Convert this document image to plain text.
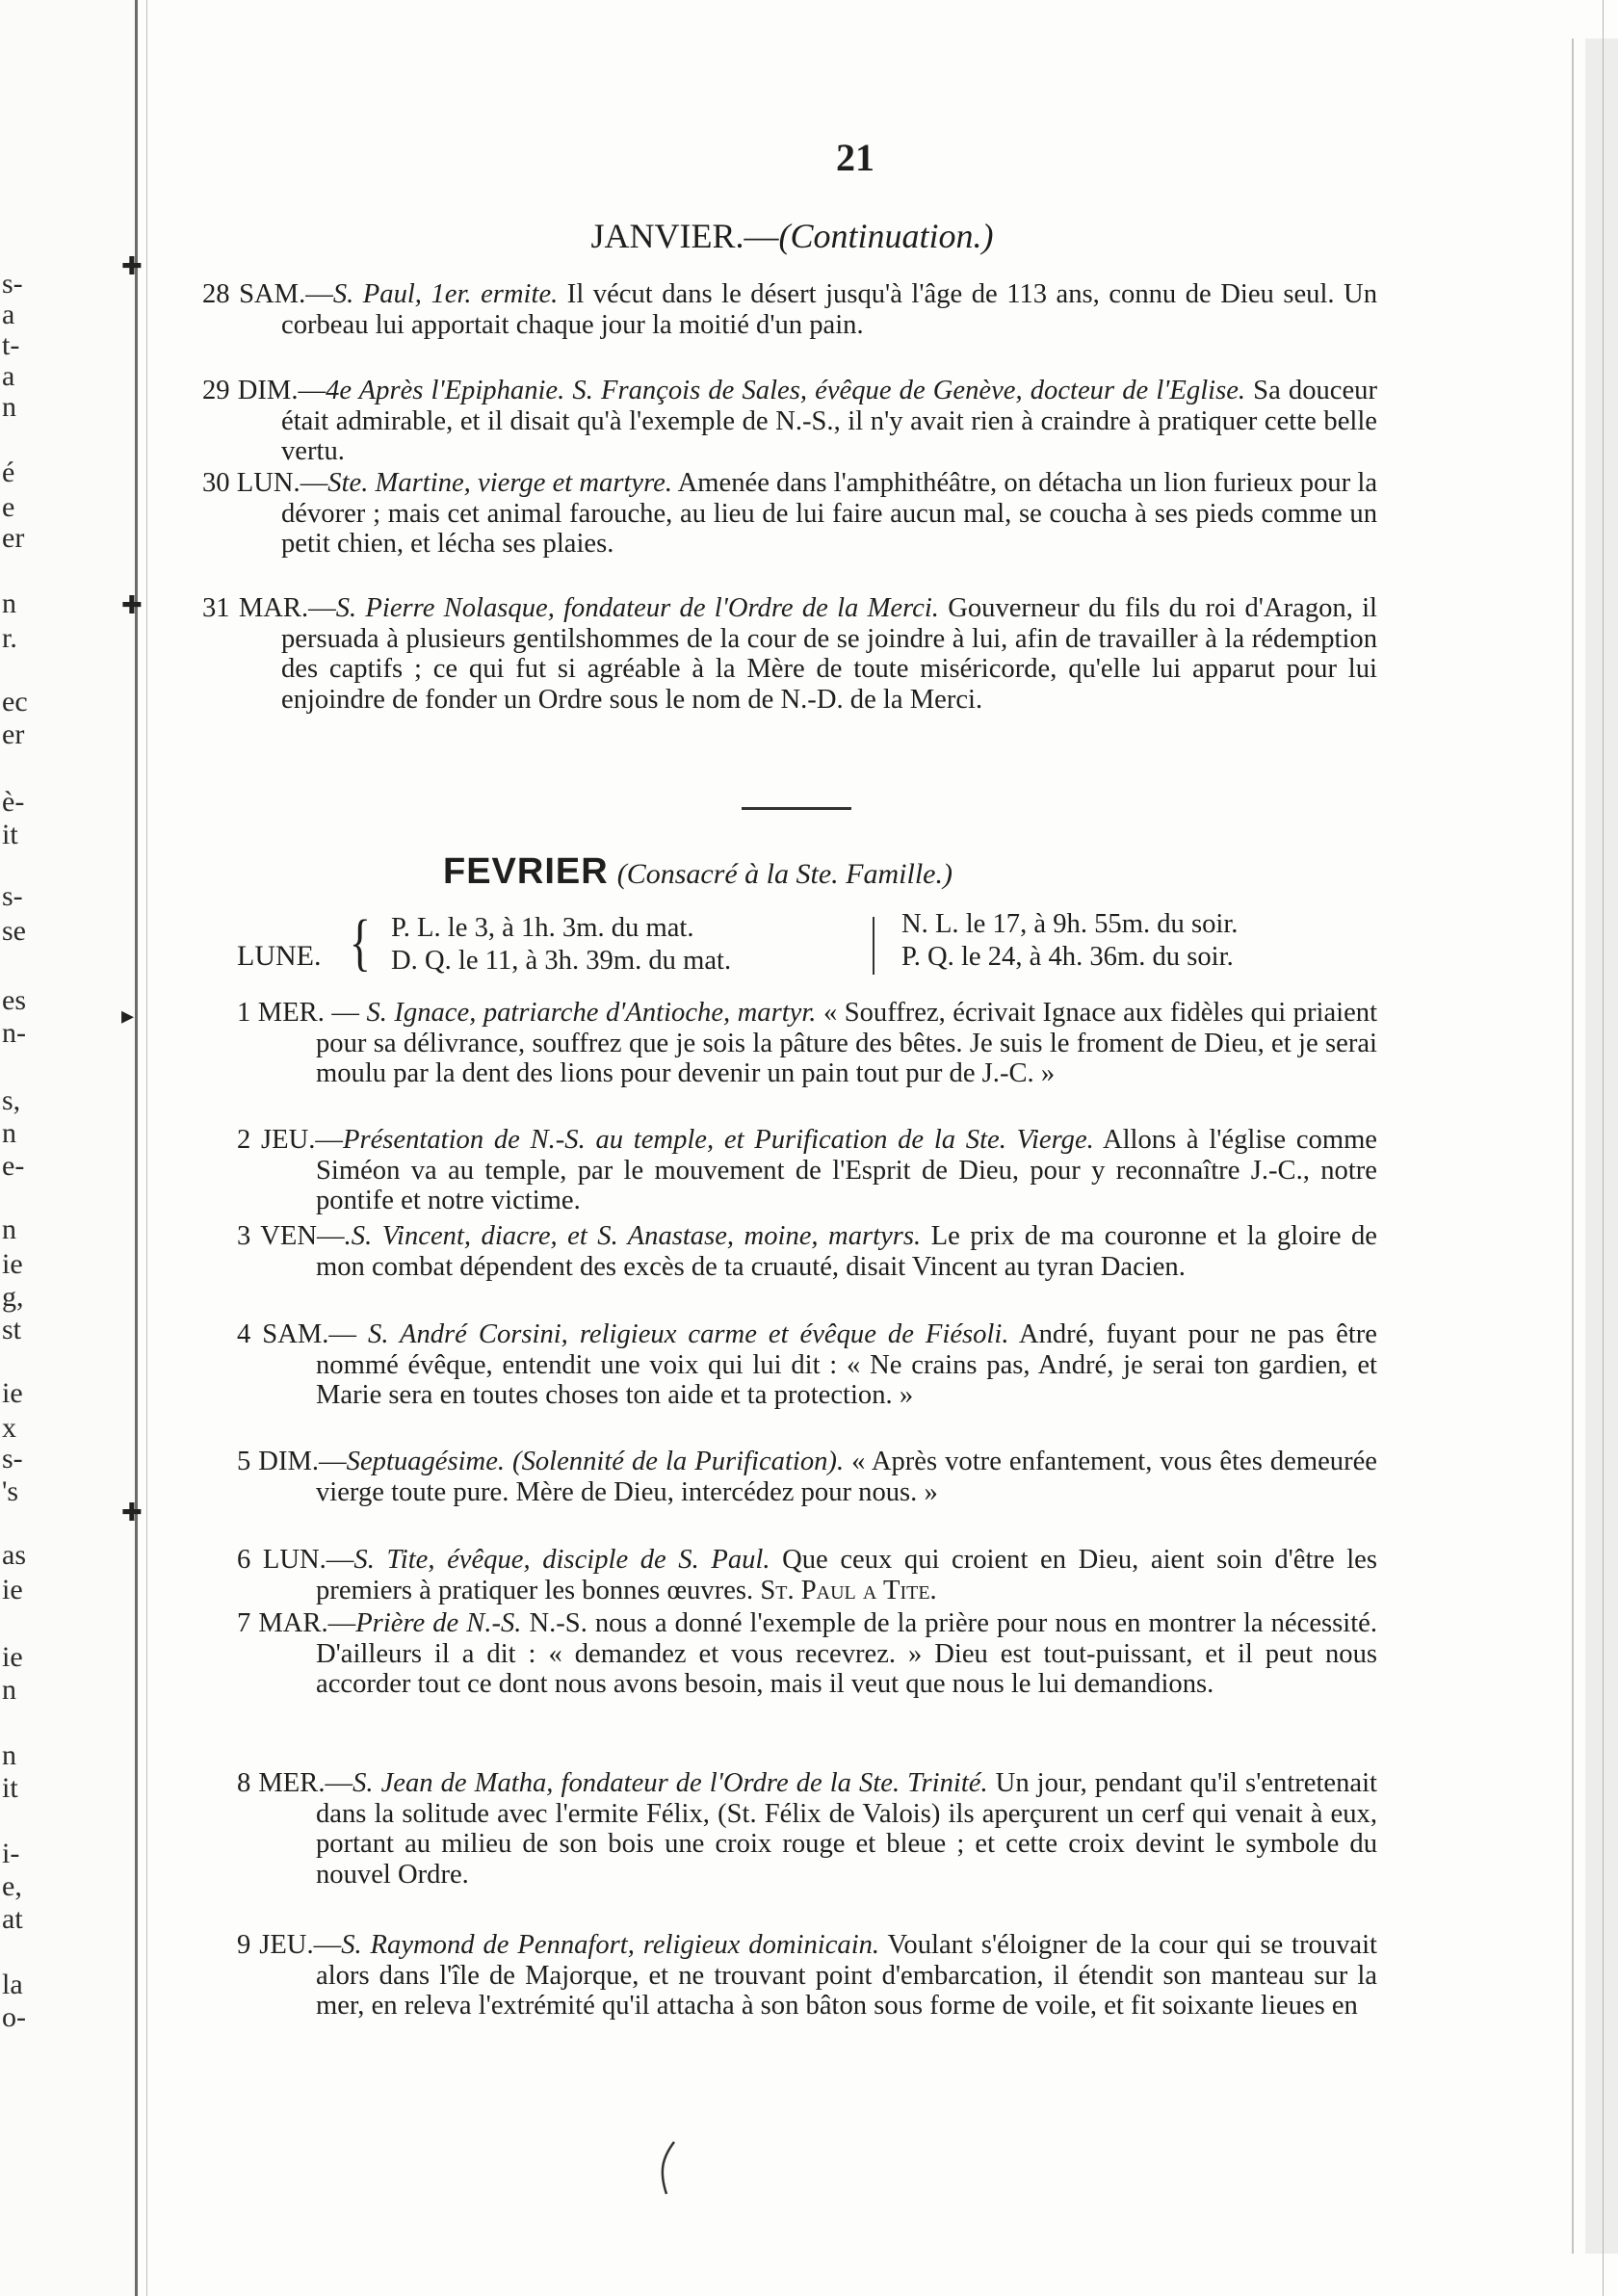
s-
a
t-
a
n
é
e
er
n
r.
ec
er
è-
it
s-
se
es
n-
s,
n
e-
n
ie
g,
st
ie
x
s-
's
as
ie
ie
n
n
it
i-
e,
at
la
o-
✚
✚
▸
✚
21
JANVIER.—(Continuation.)
28 SAM.—S. Paul, 1er. ermite. Il vécut dans le désert jusqu'à l'âge de 113 ans, connu de Dieu seul. Un corbeau lui apportait chaque jour la moitié d'un pain.
29 DIM.—4e Après l'Epiphanie. S. François de Sales, évêque de Genève, docteur de l'Eglise. Sa douceur était admirable, et il disait qu'à l'exemple de N.-S., il n'y avait rien à craindre à pratiquer cette belle vertu.
30 LUN.—Ste. Martine, vierge et martyre. Amenée dans l'amphithéâtre, on détacha un lion furieux pour la dévorer ; mais cet animal farouche, au lieu de lui faire aucun mal, se coucha à ses pieds comme un petit chien, et lécha ses plaies.
31 MAR.—S. Pierre Nolasque, fondateur de l'Ordre de la Merci. Gouverneur du fils du roi d'Aragon, il persuada à plusieurs gentilshommes de la cour de se joindre à lui, afin de travailler à la rédemption des captifs ; ce qui fut si agréable à la Mère de toute miséricorde, qu'elle lui apparut pour lui enjoindre de fonder un Ordre sous le nom de N.-D. de la Merci.
FEVRIER (Consacré à la Ste. Famille.)
LUNE. { P. L. le 3, à 1h. 3m. du mat.
D. Q. le 11, à 3h. 39m. du mat.
N. L. le 17, à 9h. 55m. du soir.
P. Q. le 24, à 4h. 36m. du soir.
1 MER. — S. Ignace, patriarche d'Antioche, martyr. « Souffrez, écrivait Ignace aux fidèles qui priaient pour sa délivrance, souffrez que je sois la pâture des bêtes. Je suis le froment de Dieu, et je serai moulu par la dent des lions pour devenir un pain tout pur de J.-C. »
2 JEU.—Présentation de N.-S. au temple, et Purification de la Ste. Vierge. Allons à l'église comme Siméon va au temple, par le mouvement de l'Esprit de Dieu, pour y reconnaître J.-C., notre pontife et notre victime.
3 VEN—.S. Vincent, diacre, et S. Anastase, moine, martyrs. Le prix de ma couronne et la gloire de mon combat dépendent des excès de ta cruauté, disait Vincent au tyran Dacien.
4 SAM.— S. André Corsini, religieux carme et évêque de Fiésoli. André, fuyant pour ne pas être nommé évêque, entendit une voix qui lui dit : « Ne crains pas, André, je serai ton gardien, et Marie sera en toutes choses ton aide et ta protection. »
5 DIM.—Septuagésime. (Solennité de la Purification). « Après votre enfantement, vous êtes demeurée vierge toute pure. Mère de Dieu, intercédez pour nous. »
6 LUN.—S. Tite, évêque, disciple de S. Paul. Que ceux qui croient en Dieu, aient soin d'être les premiers à pratiquer les bonnes œuvres. St. Paul a Tite.
7 MAR.—Prière de N.-S. N.-S. nous a donné l'exemple de la prière pour nous en montrer la nécessité. D'ailleurs il a dit : « demandez et vous recevrez. » Dieu est tout-puissant, et il peut nous accorder tout ce dont nous avons besoin, mais il veut que nous le lui demandions.
8 MER.—S. Jean de Matha, fondateur de l'Ordre de la Ste. Trinité. Un jour, pendant qu'il s'entretenait dans la solitude avec l'ermite Félix, (St. Félix de Valois) ils aperçurent un cerf qui venait à eux, portant au milieu de son bois une croix rouge et bleue ; et cette croix devint le symbole du nouvel Ordre.
9 JEU.—S. Raymond de Pennafort, religieux dominicain. Voulant s'éloigner de la cour qui se trouvait alors dans l'île de Majorque, et ne trouvant point d'embarcation, il étendit son manteau sur la mer, en releva l'extrémité qu'il attacha à son bâton sous forme de voile, et fit soixante lieues en
